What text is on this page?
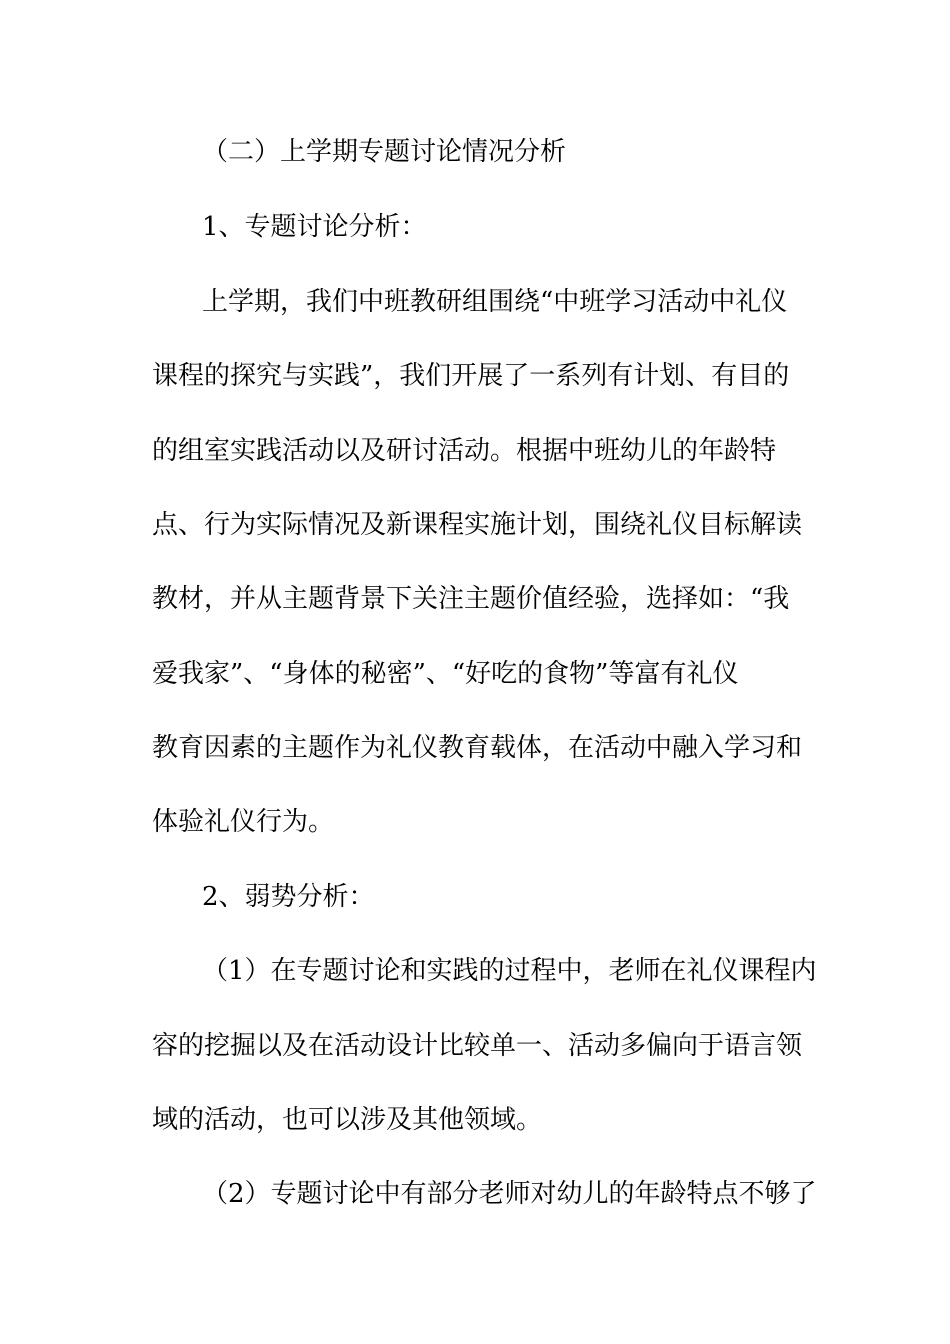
（二）上学期专题讨论情况分析
1、专题讨论分析：
上学期，我们中班教研组围绕“中班学习活动中礼仪
课程的探究与实践”，我们开展了一系列有计划、有目的
的组室实践活动以及研讨活动。根据中班幼儿的年龄特
点、行为实际情况及新课程实施计划，围绕礼仪目标解读
教材，并从主题背景下关注主题价值经验，选择如：“我
爱我家”、“身体的秘密”、“好吃的食物”等富有礼仪
教育因素的主题作为礼仪教育载体，在活动中融入学习和
体验礼仪行为。
2、弱势分析：
（1）在专题讨论和实践的过程中，老师在礼仪课程内
容的挖掘以及在活动设计比较单一、活动多偏向于语言领
域的活动，也可以涉及其他领域。
（2）专题讨论中有部分老师对幼儿的年龄特点不够了
